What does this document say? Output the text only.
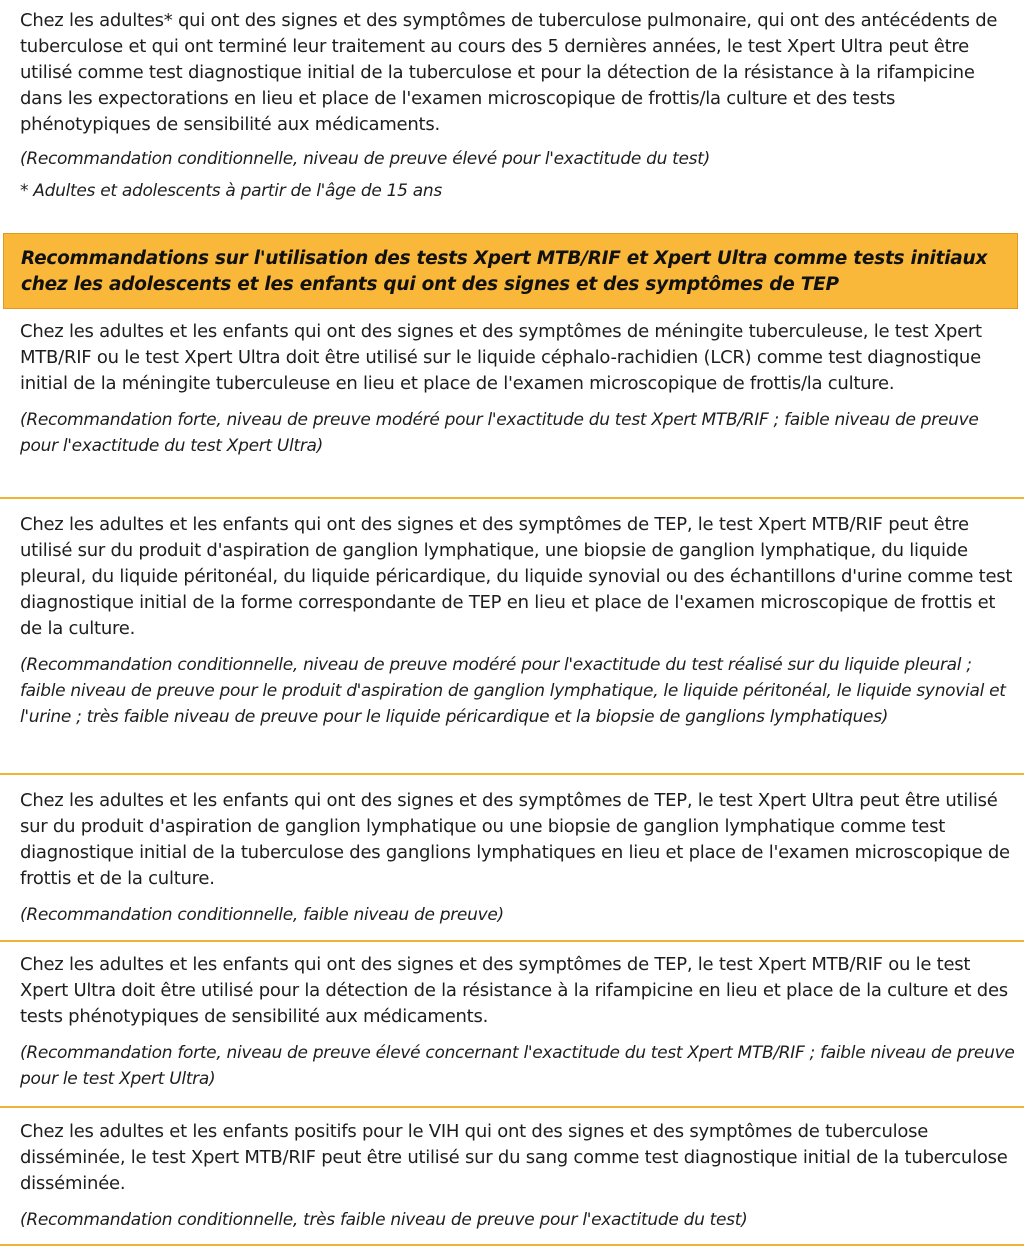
Chez les adultes* qui ont des signes et des symptômes de tuberculose pulmonaire, qui ont des antécédents de tuberculose et qui ont terminé leur traitement au cours des 5 dernières années, le test Xpert Ultra peut être utilisé comme test diagnostique initial de la tuberculose et pour la détection de la résistance à la rifampicine dans les expectorations en lieu et place de l'examen microscopique de frottis/la culture et des tests phénotypiques de sensibilité aux médicaments.

(Recommandation conditionnelle, niveau de preuve élevé pour l'exactitude du test)

* Adultes et adolescents à partir de l'âge de 15 ans

Recommandations sur l'utilisation des tests Xpert MTB/RIF et Xpert Ultra comme tests initiaux chez les adolescents et les enfants qui ont des signes et des symptômes de TEP

Chez les adultes et les enfants qui ont des signes et des symptômes de méningite tuberculeuse, le test Xpert MTB/RIF ou le test Xpert Ultra doit être utilisé sur le liquide céphalo-rachidien (LCR) comme test diagnostique initial de la méningite tuberculeuse en lieu et place de l'examen microscopique de frottis/la culture.

(Recommandation forte, niveau de preuve modéré pour l'exactitude du test Xpert MTB/RIF ; faible niveau de preuve pour l'exactitude du test Xpert Ultra)

Chez les adultes et les enfants qui ont des signes et des symptômes de TEP, le test Xpert MTB/RIF peut être utilisé sur du produit d'aspiration de ganglion lymphatique, une biopsie de ganglion lymphatique, du liquide pleural, du liquide péritonéal, du liquide péricardique, du liquide synovial ou des échantillons d'urine comme test diagnostique initial de la forme correspondante de TEP en lieu et place de l'examen microscopique de frottis et de la culture.

(Recommandation conditionnelle, niveau de preuve modéré pour l'exactitude du test réalisé sur du liquide pleural ; faible niveau de preuve pour le produit d'aspiration de ganglion lymphatique, le liquide péritonéal, le liquide synovial et l'urine ; très faible niveau de preuve pour le liquide péricardique et la biopsie de ganglions lymphatiques)

Chez les adultes et les enfants qui ont des signes et des symptômes de TEP, le test Xpert Ultra peut être utilisé sur du produit d'aspiration de ganglion lymphatique ou une biopsie de ganglion lymphatique comme test diagnostique initial de la tuberculose des ganglions lymphatiques en lieu et place de l'examen microscopique de frottis et de la culture.

(Recommandation conditionnelle, faible niveau de preuve)

Chez les adultes et les enfants qui ont des signes et des symptômes de TEP, le test Xpert MTB/RIF ou le test Xpert Ultra doit être utilisé pour la détection de la résistance à la rifampicine en lieu et place de la culture et des tests phénotypiques de sensibilité aux médicaments.

(Recommandation forte, niveau de preuve élevé concernant l'exactitude du test Xpert MTB/RIF ; faible niveau de preuve pour le test Xpert Ultra)

Chez les adultes et les enfants positifs pour le VIH qui ont des signes et des symptômes de tuberculose disséminée, le test Xpert MTB/RIF peut être utilisé sur du sang comme test diagnostique initial de la tuberculose disséminée.

(Recommandation conditionnelle, très faible niveau de preuve pour l'exactitude du test)
